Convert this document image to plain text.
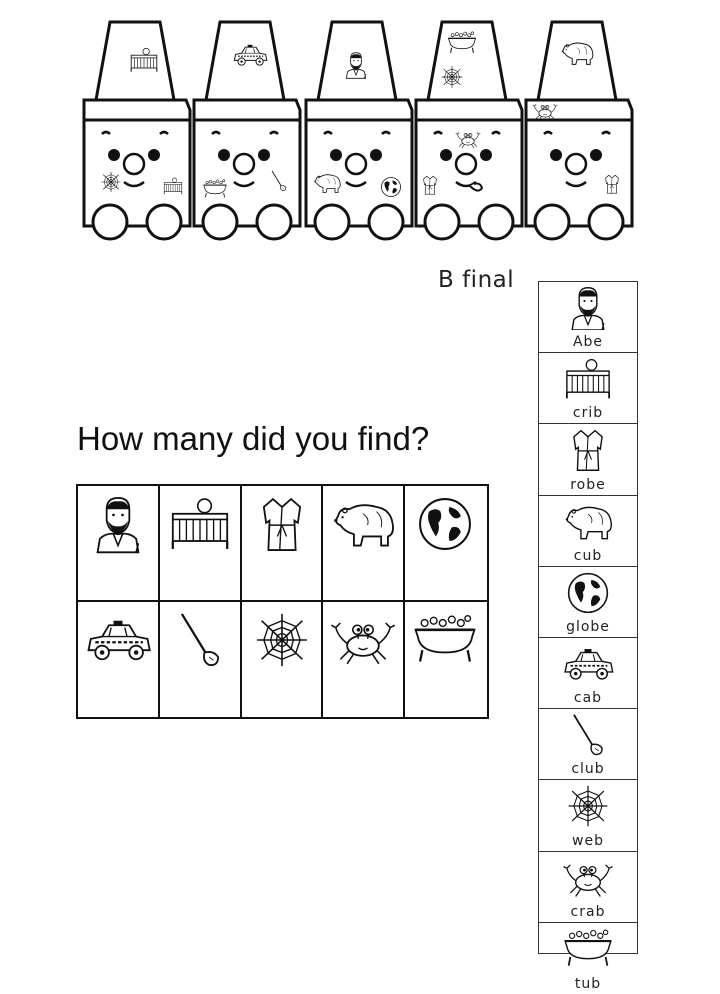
B final
How many did you find?
Abe
crib
robe
cub
globe
cab
club
web
crab
tub
